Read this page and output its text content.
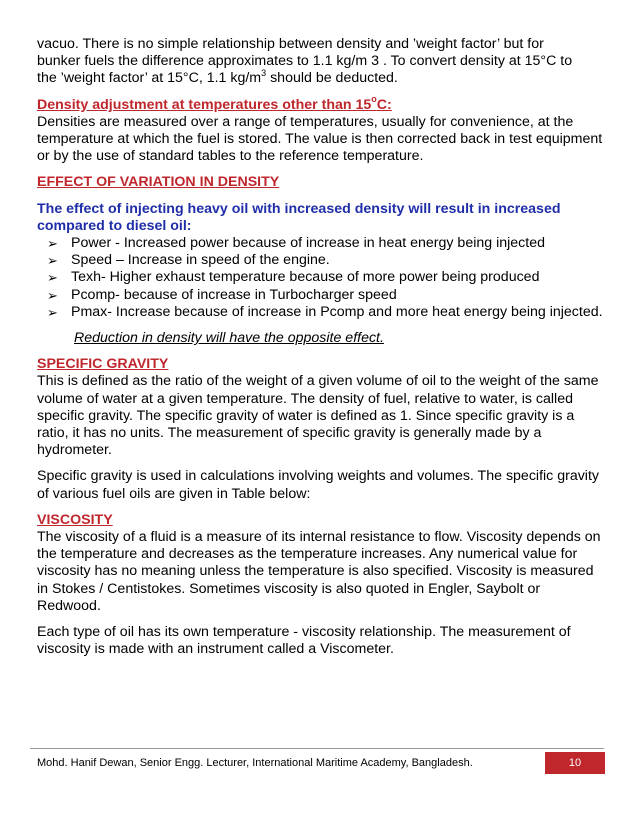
vacuo. There is no simple relationship between density and ’weight factor’ but for
bunker fuels the difference approximates to 1.1 kg/m 3 . To convert density at 15°C to
the ’weight factor’ at 15°C, 1.1 $kg/m^3$ should be deducted.

Density adjustment at temperatures other than 15$^o$C:

Densities are measured over a range of temperatures, usually for convenience, at the temperature at which the fuel is stored. The value is then corrected back in test equipment or by the use of standard tables to the reference temperature.

EFFECT OF VARIATION IN DENSITY

The effect of injecting heavy oil with increased density will result in increased compared to diesel oil:

➢ Power - Increased power because of increase in heat energy being injected
➢ Speed – Increase in speed of the engine.
➢ Texh- Higher exhaust temperature because of more power being produced
➢ Pcomp- because of increase in Turbocharger speed
➢ Pmax- Increase because of increase in Pcomp and more heat energy being injected.

Reduction in density will have the opposite effect.

SPECIFIC GRAVITY

This is defined as the ratio of the weight of a given volume of oil to the weight of the same volume of water at a given temperature. The density of fuel, relative to water, is called specific gravity. The specific gravity of water is defined as 1. Since specific gravity is a ratio, it has no units. The measurement of specific gravity is generally made by a hydrometer.

Specific gravity is used in calculations involving weights and volumes. The specific gravity of various fuel oils are given in Table below:

VISCOSITY

The viscosity of a fluid is a measure of its internal resistance to flow. Viscosity depends on the temperature and decreases as the temperature increases. Any numerical value for viscosity has no meaning unless the temperature is also specified. Viscosity is measured in Stokes / Centistokes. Sometimes viscosity is also quoted in Engler, Saybolt or Redwood.

Each type of oil has its own temperature - viscosity relationship. The measurement of viscosity is made with an instrument called a Viscometer.

Mohd. Hanif Dewan, Senior Engg. Lecturer, International Maritime Academy, Bangladesh.	10
